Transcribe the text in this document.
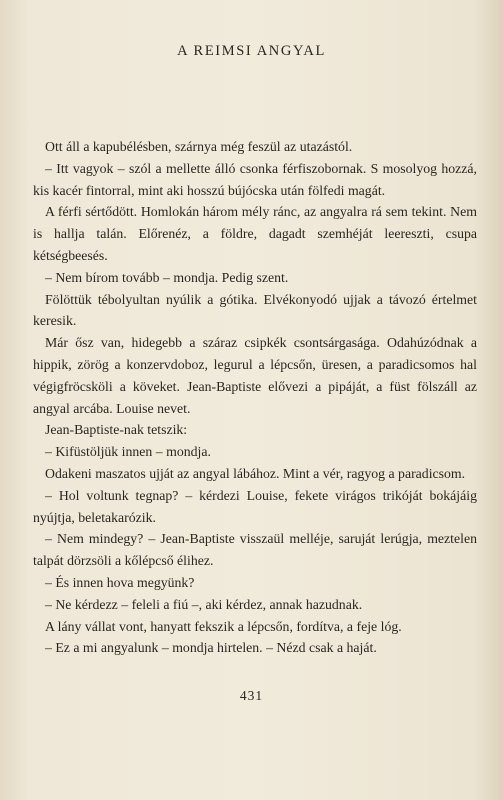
A REIMSI ANGYAL

Ott áll a kapubélésben, szárnya még feszül az utazástól.

– Itt vagyok – szól a mellette álló csonka férfiszobornak. S mosolyog hozzá, kis kacér fintorral, mint aki hosszú bújócska után fölfedi magát.

A férfi sértődött. Homlokán három mély ránc, az angyalra rá sem tekint. Nem is hallja talán. Előrenéz, a földre, dagadt szemhéját leereszti, csupa kétségbeesés.

– Nem bírom tovább – mondja. Pedig szent.

Fölöttük tébolyultan nyúlik a gótika. Elvékonyodó ujjak a távozó értelmet keresik.

Már ősz van, hidegebb a száraz csipkék csontsárgasága. Odahúzódnak a hippik, zörög a konzervdoboz, legurul a lépcsőn, üresen, a paradicsomos hal végigfröcsköli a köveket. Jean-Baptiste elővezi a pipáját, a füst fölszáll az angyal arcába. Louise nevet.

Jean-Baptiste-nak tetszik:

– Kifüstöljük innen – mondja.

Odakeni maszatos ujját az angyal lábához. Mint a vér, ragyog a paradicsom.

– Hol voltunk tegnap? – kérdezi Louise, fekete virágos trikóját bokájáig nyújtja, beletakarózik.

– Nem mindegy? – Jean-Baptiste visszaül melléje, saruját lerúgja, meztelen talpát dörzsöli a kőlépcső élihez.

– És innen hova megyünk?

– Ne kérdezz – feleli a fiú –, aki kérdez, annak hazudnak.

A lány vállat vont, hanyatt fekszik a lépcsőn, fordítva, a feje lóg.

– Ez a mi angyalunk – mondja hirtelen. – Nézd csak a haját.

431
